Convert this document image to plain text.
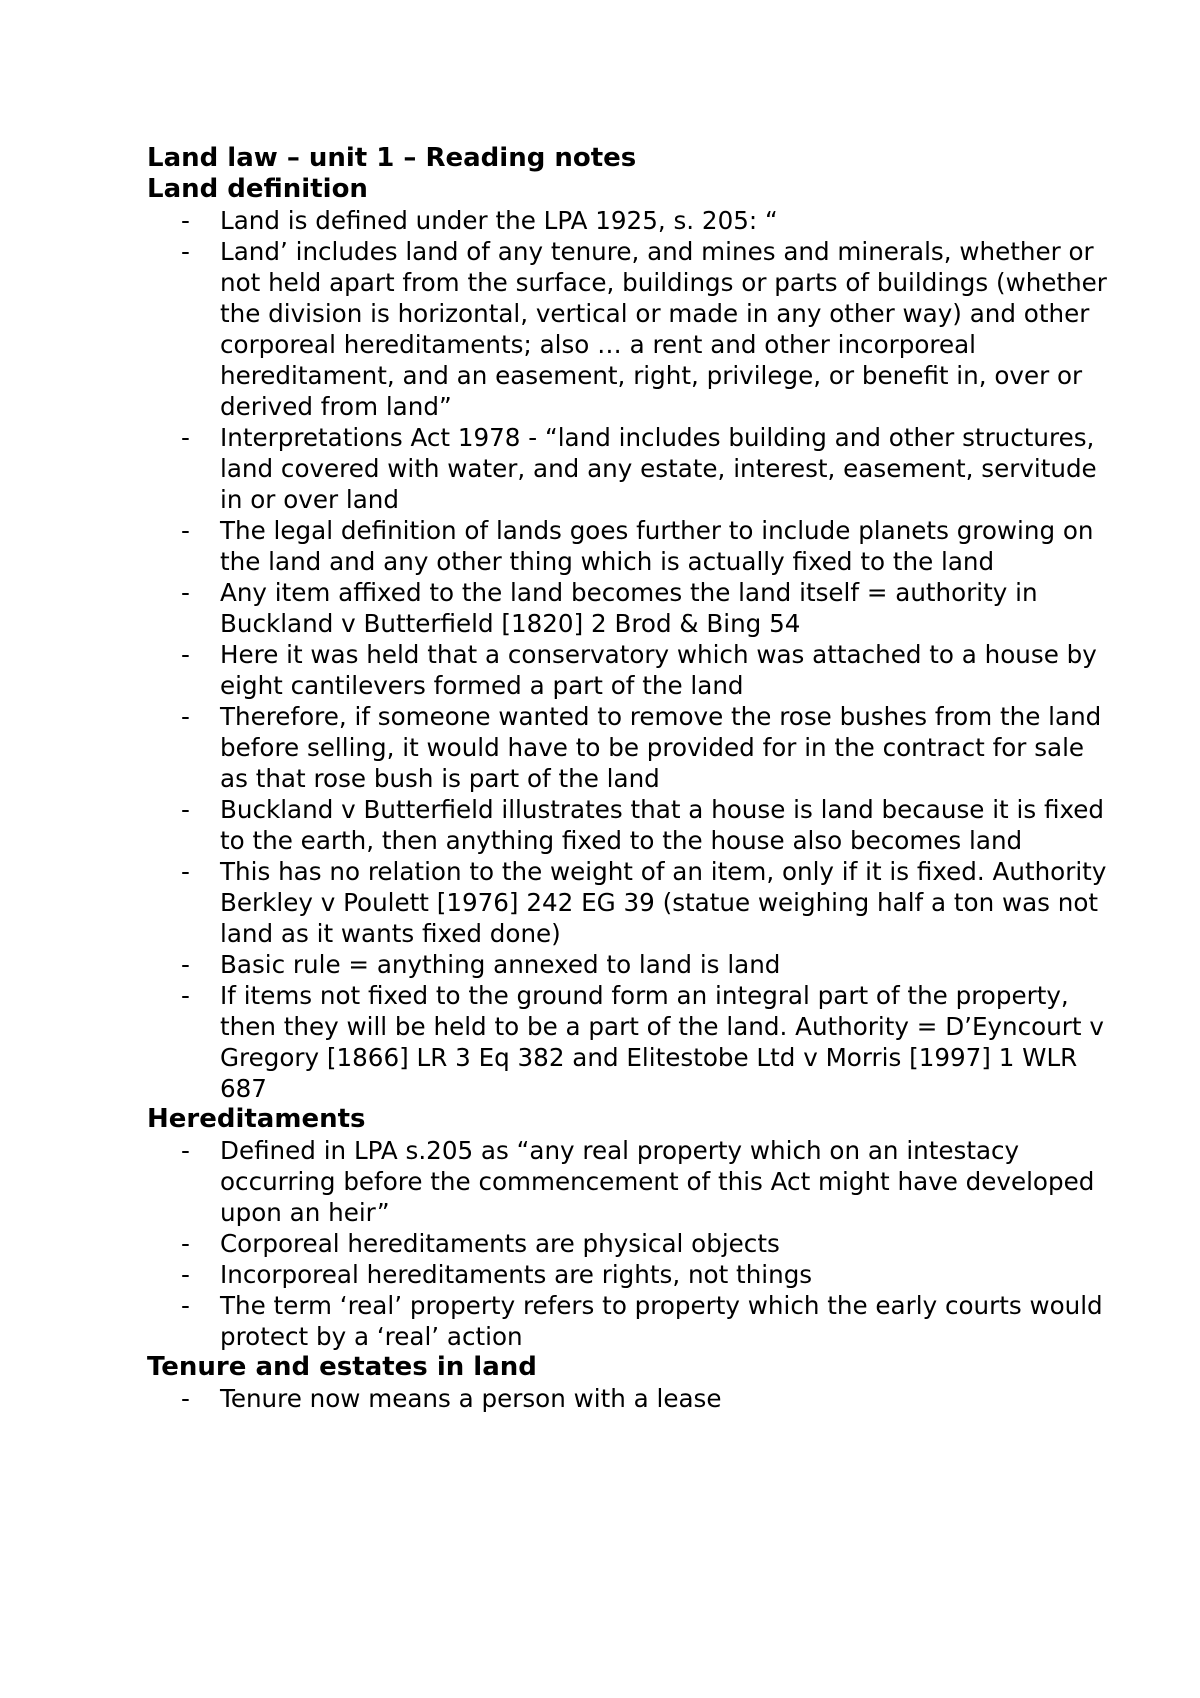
Land law – unit 1 – Reading notes
Land definition
- Land is defined under the LPA 1925, s. 205: “
- Land’ includes land of any tenure, and mines and minerals, whether or not held apart from the surface, buildings or parts of buildings (whether the division is horizontal, vertical or made in any other way) and other corporeal hereditaments; also … a rent and other incorporeal hereditament, and an easement, right, privilege, or benefit in, over or derived from land”
- Interpretations Act 1978 - “land includes building and other structures, land covered with water, and any estate, interest, easement, servitude in or over land
- The legal definition of lands goes further to include planets growing on the land and any other thing which is actually fixed to the land
- Any item affixed to the land becomes the land itself = authority in Buckland v Butterfield [1820] 2 Brod & Bing 54
- Here it was held that a conservatory which was attached to a house by eight cantilevers formed a part of the land
- Therefore, if someone wanted to remove the rose bushes from the land before selling, it would have to be provided for in the contract for sale as that rose bush is part of the land
- Buckland v Butterfield illustrates that a house is land because it is fixed to the earth, then anything fixed to the house also becomes land
- This has no relation to the weight of an item, only if it is fixed. Authority Berkley v Poulett [1976] 242 EG 39 (statue weighing half a ton was not land as it wants fixed done)
- Basic rule = anything annexed to land is land
- If items not fixed to the ground form an integral part of the property, then they will be held to be a part of the land. Authority = D’Eyncourt v Gregory [1866] LR 3 Eq 382 and Elitestobe Ltd v Morris [1997] 1 WLR 687
Hereditaments
- Defined in LPA s.205 as “any real property which on an intestacy occurring before the commencement of this Act might have developed upon an heir”
- Corporeal hereditaments are physical objects
- Incorporeal hereditaments are rights, not things
- The term ‘real’ property refers to property which the early courts would protect by a ‘real’ action
Tenure and estates in land
- Tenure now means a person with a lease
